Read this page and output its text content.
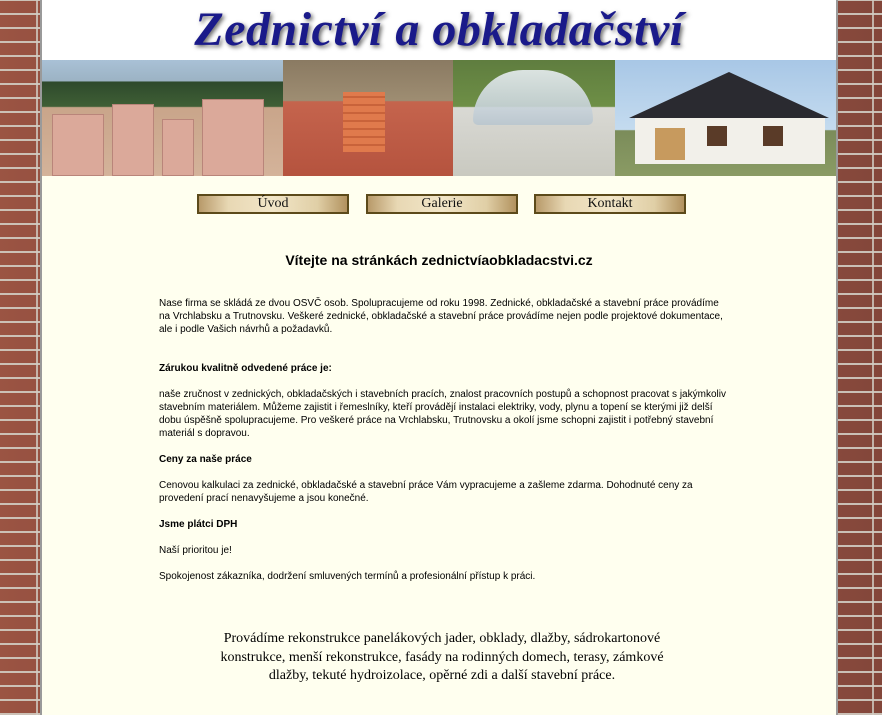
Zednictví a obkladačství
Úvod	Galerie	Kontakt
Vítejte na stránkách zednictvíaobkladacstvi.cz

Nase firma se skládá ze dvou OSVČ osob. Spolupracujeme od roku 1998. Zednické, obkladačské a stavební práce provádíme na Vrchlabsku a Trutnovsku. Veškeré zednické, obkladačské a stavební práce provádíme nejen podle projektové dokumentace, ale i podle Vašich návrhů a požadavků.

Zárukou kvalitně odvedené práce je:

naše zručnost v zednických, obkladačských i stavebních pracích, znalost pracovních postupů a schopnost pracovat s jakýmkoliv stavebním materiálem. Můžeme zajistit i řemeslníky, kteří provádějí instalaci elektriky, vody, plynu a topení se kterými již delší dobu úspěšně spolupracujeme. Pro veškeré práce na Vrchlabsku, Trutnovsku a okolí jsme schopni zajistit i potřebný stavební materiál s dopravou.

Ceny za naše práce

Cenovou kalkulaci za zednické, obkladačské a stavební práce Vám vypracujeme a zašleme zdarma. Dohodnuté ceny za provedení prací nenavyšujeme a jsou konečné.

Jsme plátci DPH

Naší prioritou je!

Spokojenost zákazníka, dodržení smluvených termínů a profesionální přístup k práci.

Provádíme rekonstrukce panelákových jader, obklady, dlažby, sádrokartonové konstrukce, menší rekonstrukce, fasády na rodinných domech, terasy, zámkové dlažby, tekuté hydroizolace, opěrné zdi a další stavební práce.
